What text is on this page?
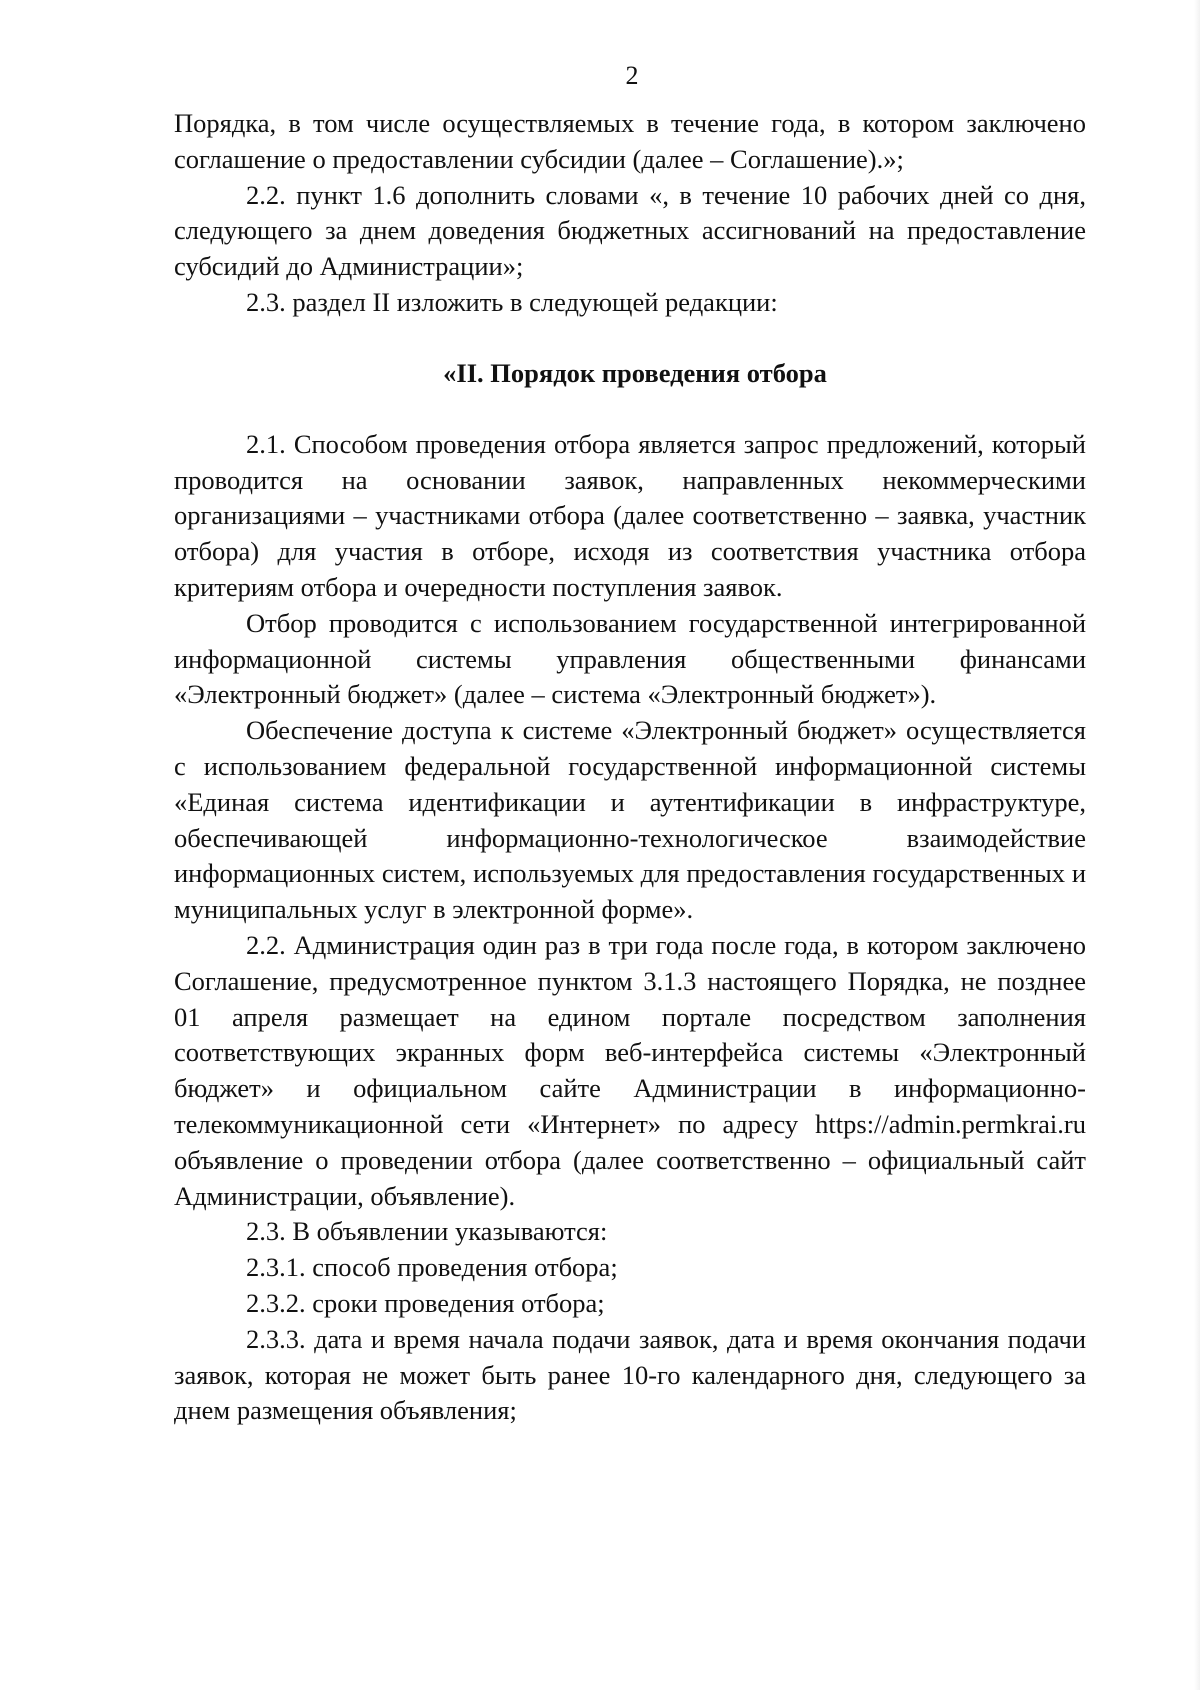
2

Порядка, в том числе осуществляемых в течение года, в котором заключено соглашение о предоставлении субсидии (далее – Соглашение).»;

2.2. пункт 1.6 дополнить словами «, в течение 10 рабочих дней со дня, следующего за днем доведения бюджетных ассигнований на предоставление субсидий до Администрации»;

2.3. раздел II изложить в следующей редакции:

«II. Порядок проведения отбора

2.1. Способом проведения отбора является запрос предложений, который проводится на основании заявок, направленных некоммерческими организациями – участниками отбора (далее соответственно – заявка, участник отбора) для участия в отборе, исходя из соответствия участника отбора критериям отбора и очередности поступления заявок.

Отбор проводится с использованием государственной интегрированной информационной системы управления общественными финансами «Электронный бюджет» (далее – система «Электронный бюджет»).

Обеспечение доступа к системе «Электронный бюджет» осуществляется с использованием федеральной государственной информационной системы «Единая система идентификации и аутентификации в инфраструктуре, обеспечивающей информационно-технологическое взаимодействие информационных систем, используемых для предоставления государственных и муниципальных услуг в электронной форме».

2.2. Администрация один раз в три года после года, в котором заключено Соглашение, предусмотренное пунктом 3.1.3 настоящего Порядка, не позднее 01 апреля размещает на едином портале посредством заполнения соответствующих экранных форм веб-интерфейса системы «Электронный бюджет» и официальном сайте Администрации в информационно-телекоммуникационной сети «Интернет» по адресу https://admin.permkrai.ru объявление о проведении отбора (далее соответственно – официальный сайт Администрации, объявление).

2.3. В объявлении указываются:

2.3.1. способ проведения отбора;

2.3.2. сроки проведения отбора;

2.3.3. дата и время начала подачи заявок, дата и время окончания подачи заявок, которая не может быть ранее 10-го календарного дня, следующего за днем размещения объявления;
